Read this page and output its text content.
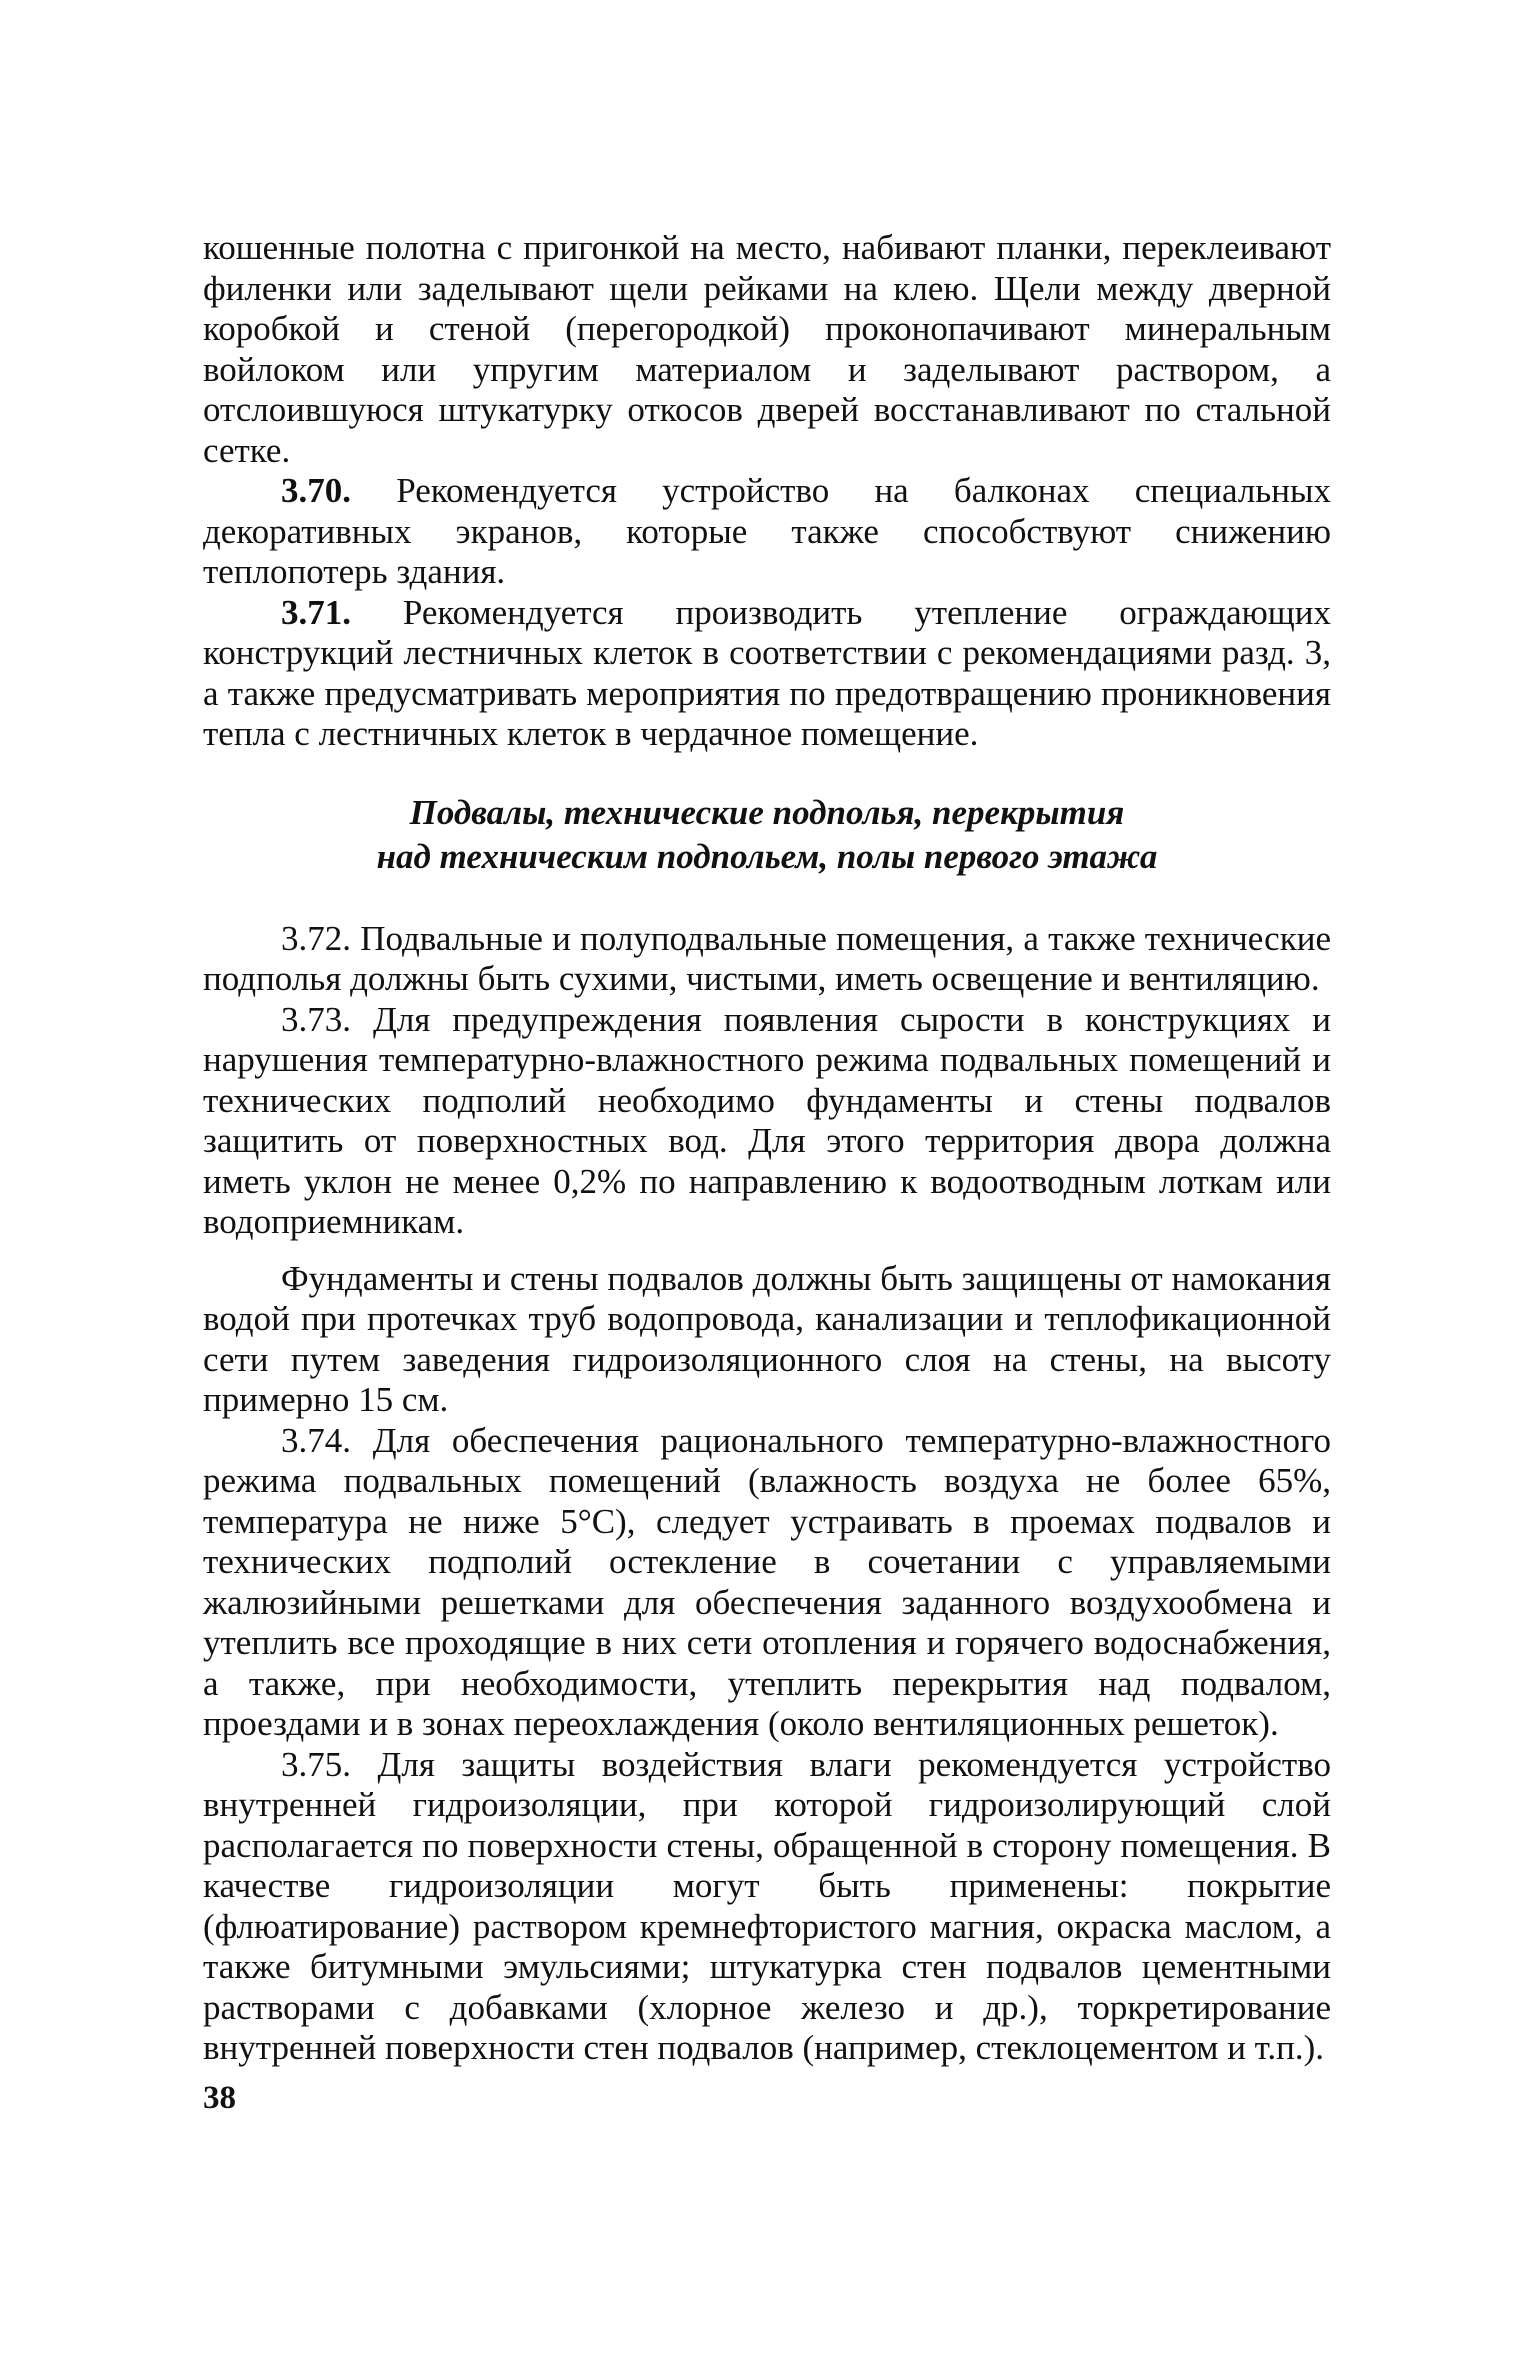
кошенные полотна с пригонкой на место, набивают планки, переклеивают филенки или заделывают щели рейками на клею. Щели между дверной коробкой и стеной (перегородкой) проконопачивают минеральным войлоком или упругим материалом и заделывают раствором, а отслоившуюся штукатурку откосов дверей восстанавливают по стальной сетке.

3.70. Рекомендуется устройство на балконах специальных декоративных экранов, которые также способствуют снижению теплопотерь здания.

3.71. Рекомендуется производить утепление ограждающих конструкций лестничных клеток в соответствии с рекомендациями разд. 3, а также предусматривать мероприятия по предотвращению проникновения тепла с лестничных клеток в чердачное помещение.

Подвалы, технические подполья, перекрытия
над техническим подпольем, полы первого этажа

3.72. Подвальные и полуподвальные помещения, а также технические подполья должны быть сухими, чистыми, иметь освещение и вентиляцию.

3.73. Для предупреждения появления сырости в конструкциях и нарушения температурно-влажностного режима подвальных помещений и технических подполий необходимо фундаменты и стены подвалов защитить от поверхностных вод. Для этого территория двора должна иметь уклон не менее 0,2% по направлению к водоотводным лоткам или водоприемникам.

Фундаменты и стены подвалов должны быть защищены от намокания водой при протечках труб водопровода, канализации и теплофикационной сети путем заведения гидроизоляционного слоя на стены, на высоту примерно 15 см.

3.74. Для обеспечения рационального температурно-влажностного режима подвальных помещений (влажность воздуха не более 65%, температура не ниже 5°С), следует устраивать в проемах подвалов и технических подполий остекление в сочетании с управляемыми жалюзийными решетками для обеспечения заданного воздухообмена и утеплить все проходящие в них сети отопления и горячего водоснабжения, а также, при необходимости, утеплить перекрытия над подвалом, проездами и в зонах переохлаждения (около вентиляционных решеток).

3.75. Для защиты воздействия влаги рекомендуется устройство внутренней гидроизоляции, при которой гидроизолирующий слой располагается по поверхности стены, обращенной в сторону помещения. В качестве гидроизоляции могут быть применены: покрытие (флюатирование) раствором кремнефтористого магния, окраска маслом, а также битумными эмульсиями; штукатурка стен подвалов цементными растворами с добавками (хлорное железо и др.), торкретирование внутренней поверхности стен подвалов (например, стеклоцементом и т.п.).

38
